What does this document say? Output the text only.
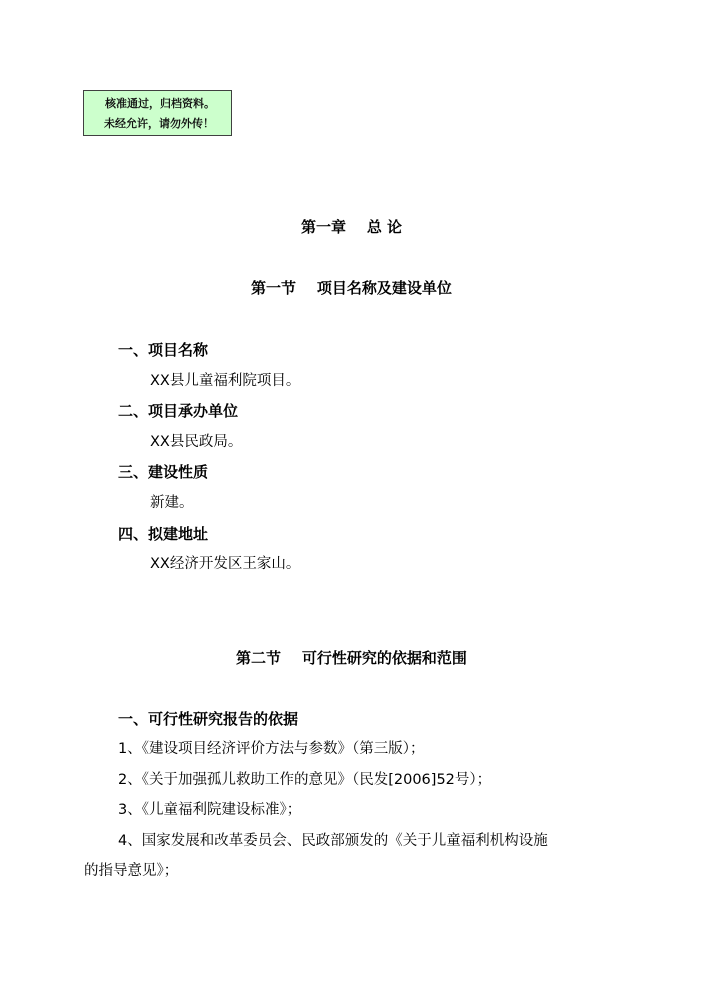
核准通过，归档资料。
未经允许，请勿外传！
第一章    总 论
第一节    项目名称及建设单位
一、项目名称
XX县儿童福利院项目。
二、项目承办单位
XX县民政局。
三、建设性质
新建。
四、拟建地址
XX经济开发区王家山。
第二节    可行性研究的依据和范围
一、可行性研究报告的依据
1、《建设项目经济评价方法与参数》（第三版）；
2、《关于加强孤儿救助工作的意见》（民发[2006]52号）；
3、《儿童福利院建设标准》；
4、国家发展和改革委员会、民政部颁发的《关于儿童福利机构设施
的指导意见》；
